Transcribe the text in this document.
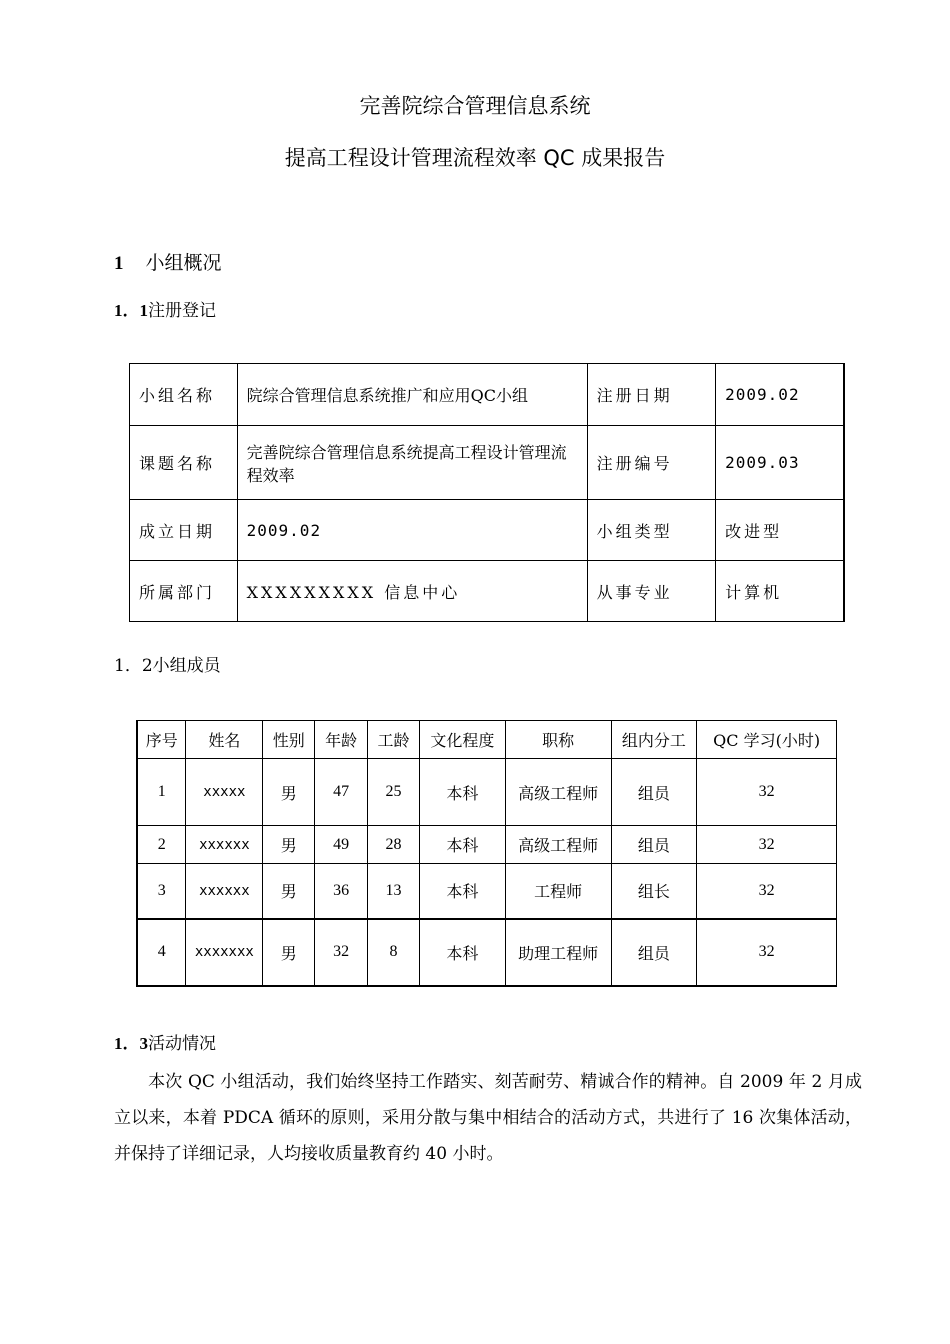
完善院综合管理信息系统
提高工程设计管理流程效率 QC 成果报告
1 小组概况
1．1注册登记
小组名称	院综合管理信息系统推广和应用QC小组	注册日期	2009.02
课题名称	完善院综合管理信息系统提高工程设计管理流程效率	注册编号	2009.03
成立日期	2009.02	小组类型	改进型
所属部门	XXXXXXXXX 信息中心	从事专业	计算机
1．2小组成员
序号	姓名	性别	年龄	工龄	文化程度	职称	组内分工	QC 学习(小时)
1	xxxxx	男	47	25	本科	高级工程师	组员	32
2	xxxxxx	男	49	28	本科	高级工程师	组员	32
3	xxxxxx	男	36	13	本科	工程师	组长	32
4	xxxxxxx	男	32	8	本科	助理工程师	组员	32
1．3活动情况
本次 QC 小组活动，我们始终坚持工作踏实、刻苦耐劳、精诚合作的精神。自 2009 年 2 月成立以来，本着 PDCA 循环的原则，采用分散与集中相结合的活动方式，共进行了 16 次集体活动，并保持了详细记录，人均接收质量教育约 40 小时。
